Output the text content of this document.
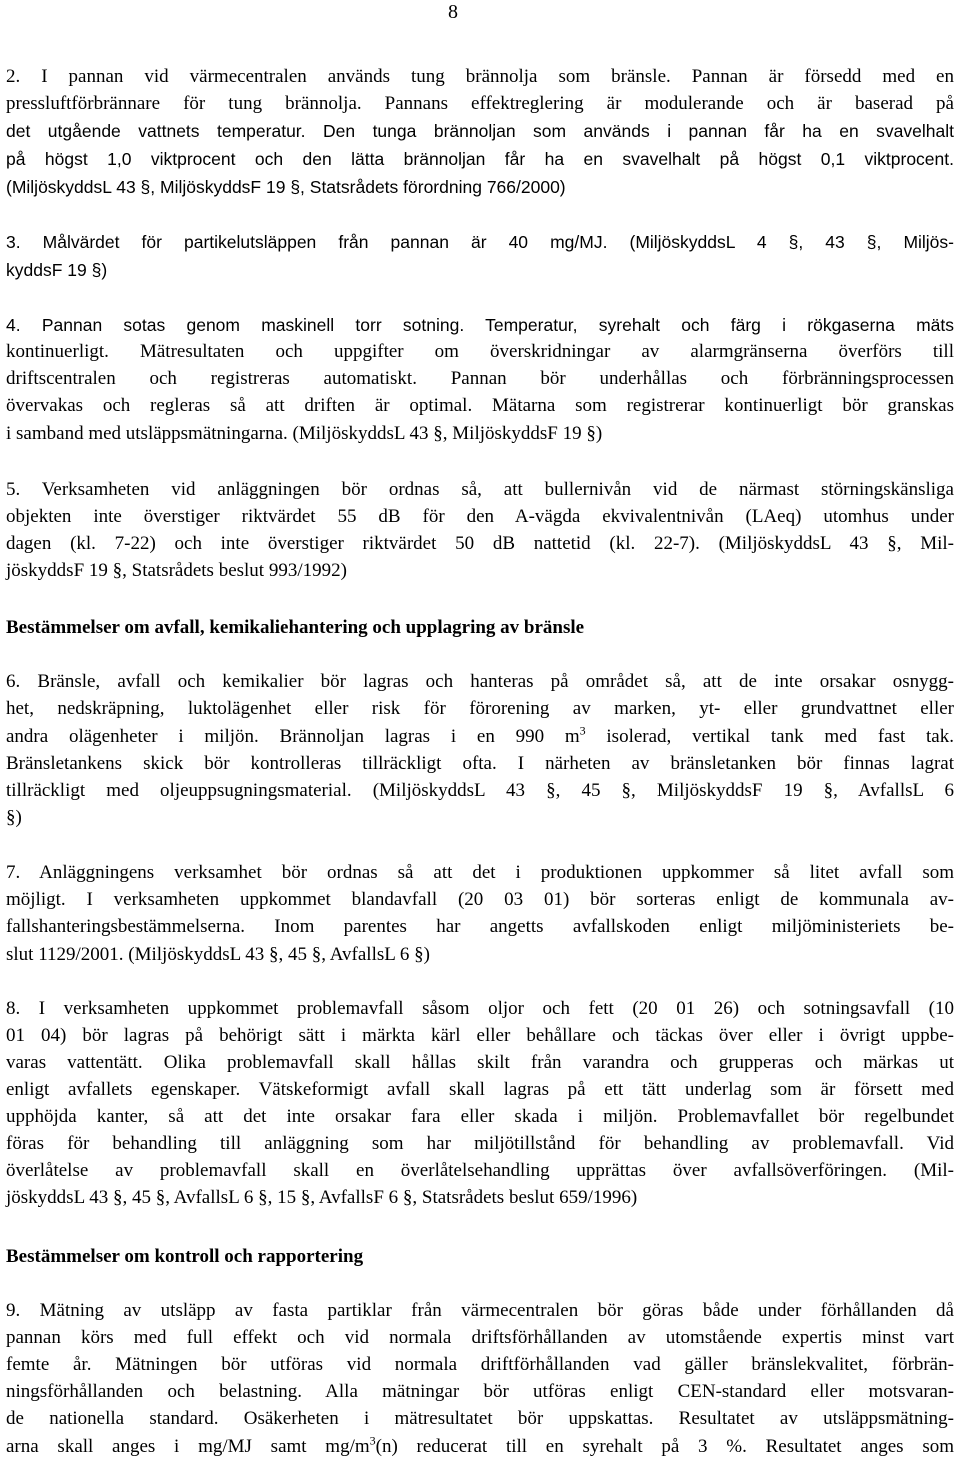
8
2. I pannan vid värmecentralen används tung brännolja som bränsle. Pannan är försedd med en
pressluftförbrännare för tung brännolja. Pannans effektreglering är modulerande och är baserad på
det utgående vattnets temperatur. Den tunga brännoljan som används i pannan får ha en svavelhalt
på högst 1,0 viktprocent och den lätta brännoljan får ha en svavelhalt på högst 0,1 viktprocent.
(MiljöskyddsL 43 §, MiljöskyddsF 19 §, Statsrådets förordning 766/2000)
3. Målvärdet för partikelutsläppen från pannan är 40 mg/MJ. (MiljöskyddsL 4 §, 43 §, Miljös-
kyddsF 19 §)
4. Pannan sotas genom maskinell torr sotning. Temperatur, syrehalt och färg i rökgaserna mäts
kontinuerligt. Mätresultaten och uppgifter om överskridningar av alarmgränserna överförs till
driftscentralen och registreras automatiskt. Pannan bör underhållas och förbränningsprocessen
övervakas och regleras så att driften är optimal. Mätarna som registrerar kontinuerligt bör granskas
i samband med utsläppsmätningarna. (MiljöskyddsL 43 §, MiljöskyddsF 19 §)
5. Verksamheten vid anläggningen bör ordnas så, att bullernivån vid de närmast störningskänsliga
objekten inte överstiger riktvärdet 55 dB för den A-vägda ekvivalentnivån (LAeq) utomhus under
dagen (kl. 7-22) och inte överstiger riktvärdet 50 dB nattetid (kl. 22-7). (MiljöskyddsL 43 §, Mil-
jöskyddsF 19 §, Statsrådets beslut 993/1992)
Bestämmelser om avfall, kemikaliehantering och upplagring av bränsle
6. Bränsle, avfall och kemikalier bör lagras och hanteras på området så, att de inte orsakar osnygg-
het, nedskräpning, luktolägenhet eller risk för förorening av marken, yt- eller grundvattnet eller
andra olägenheter i miljön. Brännoljan lagras i en 990 $m^3$ isolerad, vertikal tank med fast tak.
Bränsletankens skick bör kontrolleras tillräckligt ofta. I närheten av bränsletanken bör finnas lagrat
tillräckligt med oljeuppsugningsmaterial. (MiljöskyddsL 43 §, 45 §, MiljöskyddsF 19 §, AvfallsL 6
§)
7. Anläggningens verksamhet bör ordnas så att det i produktionen uppkommer så litet avfall som
möjligt. I verksamheten uppkommet blandavfall (20 03 01) bör sorteras enligt de kommunala av-
fallshanteringsbestämmelserna. Inom parentes har angetts avfallskoden enligt miljöministeriets be-
slut 1129/2001. (MiljöskyddsL 43 §, 45 §, AvfallsL 6 §)
8. I verksamheten uppkommet problemavfall såsom oljor och fett (20 01 26) och sotningsavfall (10
01 04) bör lagras på behörigt sätt i märkta kärl eller behållare och täckas över eller i övrigt uppbe-
varas vattentätt. Olika problemavfall skall hållas skilt från varandra och grupperas och märkas ut
enligt avfallets egenskaper. Vätskeformigt avfall skall lagras på ett tätt underlag som är försett med
upphöjda kanter, så att det inte orsakar fara eller skada i miljön. Problemavfallet bör regelbundet
föras för behandling till anläggning som har miljötillstånd för behandling av problemavfall. Vid
överlåtelse av problemavfall skall en överlåtelsehandling upprättas över avfallsöverföringen. (Mil-
jöskyddsL 43 §, 45 §, AvfallsL 6 §, 15 §, AvfallsF 6 §, Statsrådets beslut 659/1996)
Bestämmelser om kontroll och rapportering
9. Mätning av utsläpp av fasta partiklar från värmecentralen bör göras både under förhållanden då
pannan körs med full effekt och vid normala driftsförhållanden av utomstående expertis minst vart
femte år. Mätningen bör utföras vid normala driftförhållanden vad gäller bränslekvalitet, förbrän-
ningsförhållanden och belastning. Alla mätningar bör utföras enligt CEN-standard eller motsvaran-
de nationella standard. Osäkerheten i mätresultatet bör uppskattas. Resultatet av utsläppsmätning-
arna skall anges i mg/MJ samt $mg/m^3(n)$ reducerat till en syrehalt på 3 %. Resultatet anges som
